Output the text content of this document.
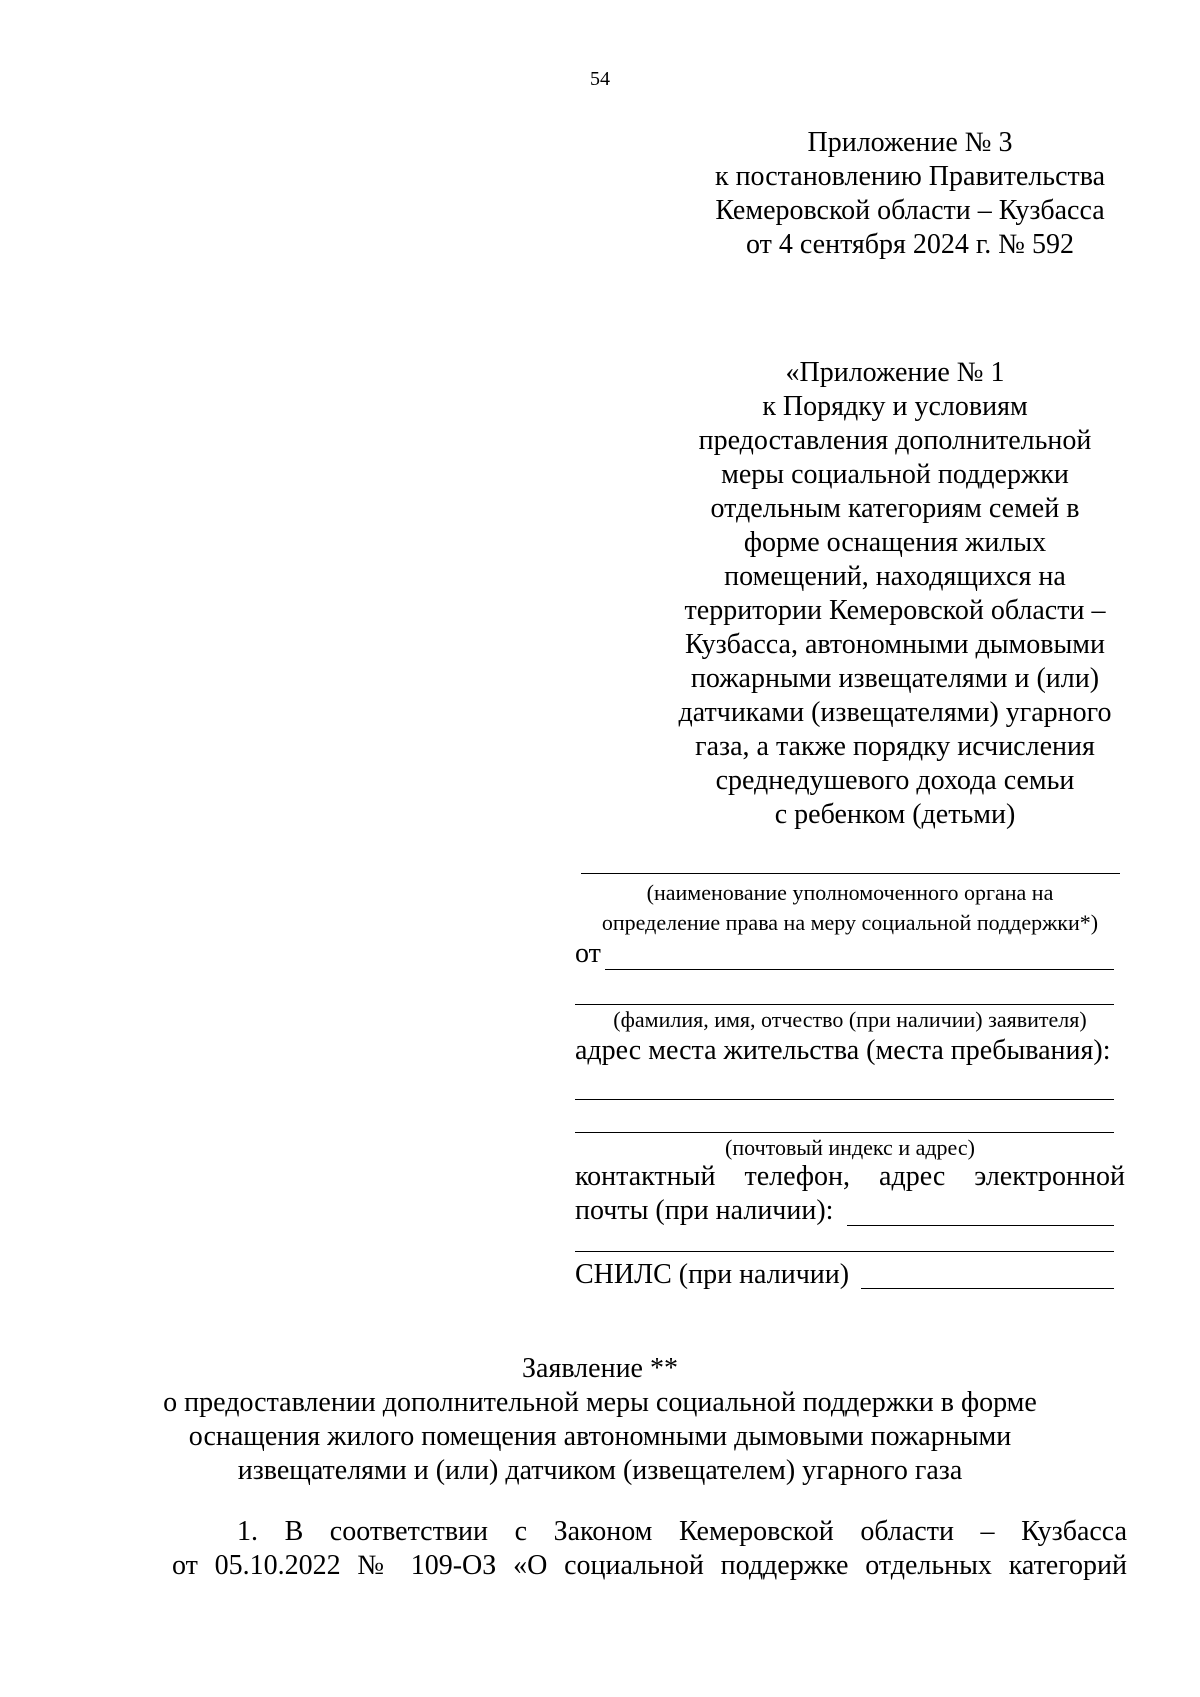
54
Приложение № 3
к постановлению Правительства
Кемеровской области – Кузбасса
от 4 сентября 2024 г. № 592
«Приложение № 1
к Порядку и условиям
предоставления дополнительной
меры социальной поддержки
отдельным категориям семей в
форме оснащения жилых
помещений, находящихся на
территории Кемеровской области –
Кузбасса, автономными дымовыми
пожарными извещателями и (или)
датчиками (извещателями) угарного
газа, а также порядку исчисления
среднедушевого дохода семьи
с ребенком (детьми)
(наименование уполномоченного органа на
определение права на меру социальной поддержки*)
от
(фамилия, имя, отчество (при наличии) заявителя)
адрес места жительства (места пребывания):
(почтовый индекс и адрес)
контактный телефон, адрес электронной
почты (при наличии):
СНИЛС (при наличии)
Заявление **
о предоставлении дополнительной меры социальной поддержки в форме
оснащения жилого помещения автономными дымовыми пожарными
извещателями и (или) датчиком (извещателем) угарного газа
1. В соответствии с Законом Кемеровской области – Кузбасса
от 05.10.2022 № 109-ОЗ «О социальной поддержке отдельных категорий
